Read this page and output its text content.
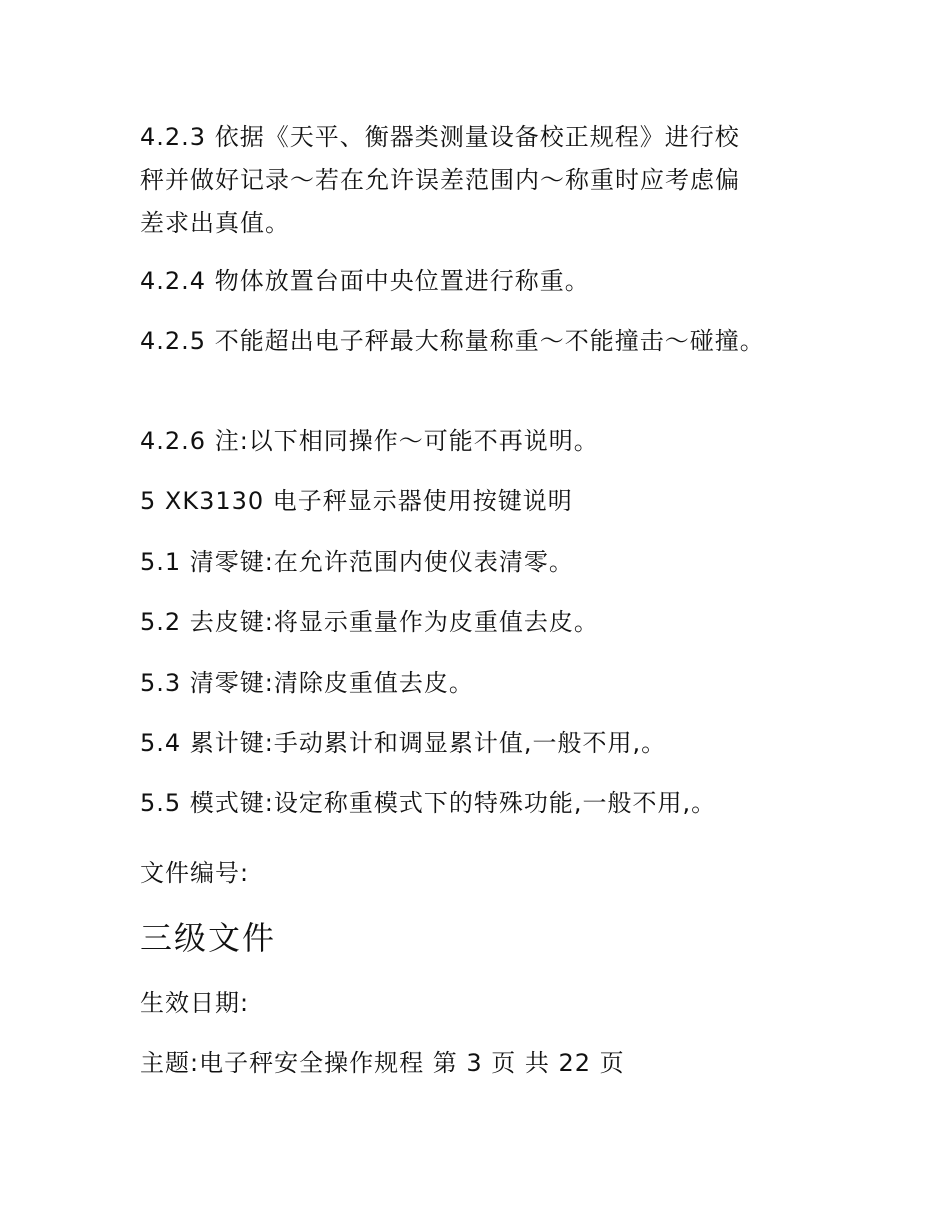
4.2.3 依据《天平、衡器类测量设备校正规程》进行校
秤并做好记录～若在允许误差范围内～称重时应考虑偏
差求出真值。
4.2.4 物体放置台面中央位置进行称重。
4.2.5 不能超出电子秤最大称量称重～不能撞击～碰撞。
4.2.6 注:以下相同操作～可能不再说明。
5 XK3130 电子秤显示器使用按键说明
5.1 清零键:在允许范围内使仪表清零。
5.2 去皮键:将显示重量作为皮重值去皮。
5.3 清零键:清除皮重值去皮。
5.4 累计键:手动累计和调显累计值,一般不用,。
5.5 模式键:设定称重模式下的特殊功能,一般不用,。
文件编号:
三级文件
生效日期:
主题:电子秤安全操作规程 第 3 页 共 22 页
